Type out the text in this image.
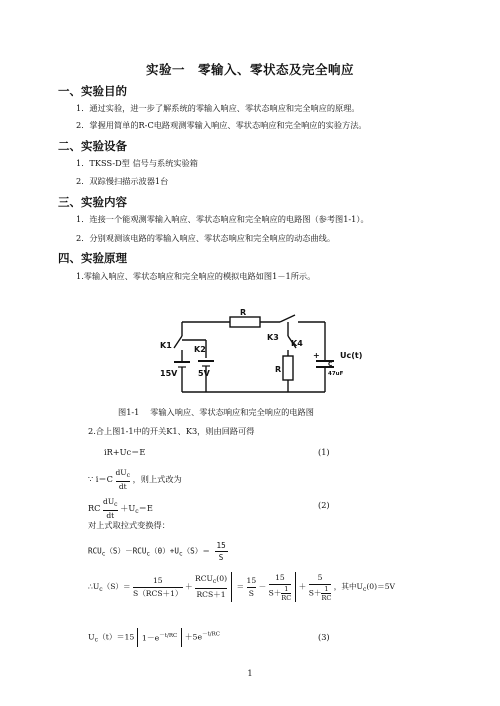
实验一　零输入、零状态及完全响应
一、实验目的
1．通过实验，进一步了解系统的零输入响应、零状态响应和完全响应的原理。
2．掌握用简单的R-C电路观测零输入响应、零状态响应和完全响应的实验方法。
二、实验设备
1．TKSS-D型 信号与系统实验箱
2．双踪慢扫描示波器1台
三、实验内容
1．连接一个能观测零输入响应、零状态响应和完全响应的电路图（参考图1-1）。
2．分别观测该电路的零输入响应、零状态响应和完全响应的动态曲线。
四、实验原理
1.零输入响应、零状态响应和完全响应的模拟电路如图1－1所示。
R
K1	K2
K3
K4
15V	5V	R
+
C
47uF
Uc(t)
图1-1　 零输入响应、零状态响应和完全响应的电路图
2.合上图1-1中的开关K1、K3，则由回路可得
iR+Uc＝E	(1)
∵ i＝C
$dU_c$
dt
，则上式改为
RC
$dU_c$
dt
$+U_c=E$	(2)
对上式取拉式变换得：
$RCU_c(S)-RCU_c(0)+U_c(S)= \frac{15}{S}$
$\therefore U_c(S)=$
15
S（RCS＋1）
＋
$RCU_c(0)$
RCS＋1
＝ $\frac{15}{S} - \frac{15}{S+ \frac{1}{RC}} + \frac{5}{S+ \frac{1}{RC}}$ ，其中$U_c(0)=5V$
$U_c(t)=15$ $1-e^{-t/RC} +5e^{-t/RC}$	(3)
1
